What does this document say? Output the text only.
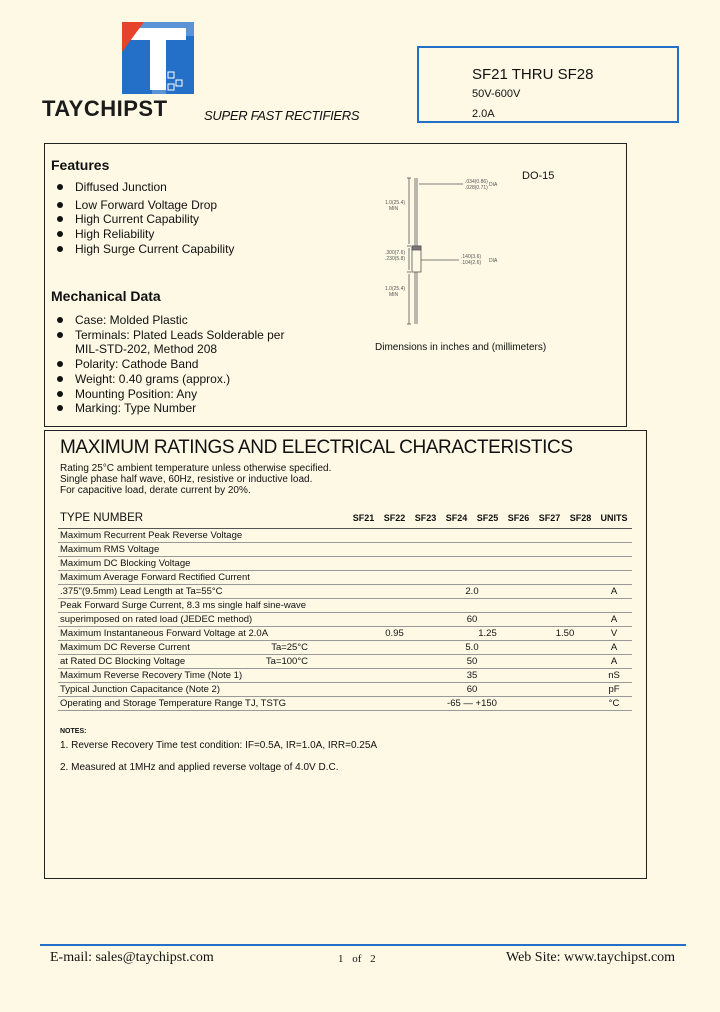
TAYCHIPST	SUPER FAST RECTIFIERS
SF21 THRU SF28
50V-600V
2.0A
Features
Diffused Junction
Low Forward Voltage Drop
High Current Capability
High Reliability
High Surge Current Capability
Mechanical Data
Case: Molded Plastic
Terminals: Plated Leads Solderable per
MIL-STD-202, Method 208
Polarity: Cathode Band
Weight: 0.40 grams (approx.)
Mounting Position: Any
Marking: Type Number
.034(0.86)
.028(0.71) DIA
1.0(25.4)
MIN
.300(7.6)
.230(5.8)	.140(3.6)
.104(2.6) DIA
1.0(25.4)
MIN
DO-15
Dimensions in inches and (millimeters)
MAXIMUM RATINGS AND ELECTRICAL CHARACTERISTICS
Rating 25°C ambient temperature unless otherwise specified.
Single phase half wave, 60Hz, resistive or inductive load.
For capacitive load, derate current by 20%.
TYPE NUMBER	SF21	SF22	SF23	SF24	SF25	SF26	SF27	SF28	UNITS
Maximum Recurrent Peak Reverse Voltage									
Maximum RMS Voltage									
Maximum DC Blocking Voltage									
Maximum Average Forward Rectified Current									
.375"(9.5mm) Lead Length at Ta=55°C	2.0								A
Peak Forward Surge Current, 8.3 ms single half sine-wave									
superimposed on rated load (JEDEC method)	60								A
Maximum Instantaneous Forward Voltage at 2.0A	0.95			1.25			1.50		V
Maximum DC Reverse Current Ta=25°C	5.0								A
at Rated DC Blocking Voltage Ta=100°C	50								A
Maximum Reverse Recovery Time (Note 1)	35								nS
Typical Junction Capacitance (Note 2)	60								pF
Operating and Storage Temperature Range TJ, TSTG	-65 — +150								°C
NOTES:
1. Reverse Recovery Time test condition: IF=0.5A, IR=1.0A, IRR=0.25A
2. Measured at 1MHz and applied reverse voltage of 4.0V D.C.
E-mail: sales@taychipst.com	1 of 2	Web Site: www.taychipst.com
